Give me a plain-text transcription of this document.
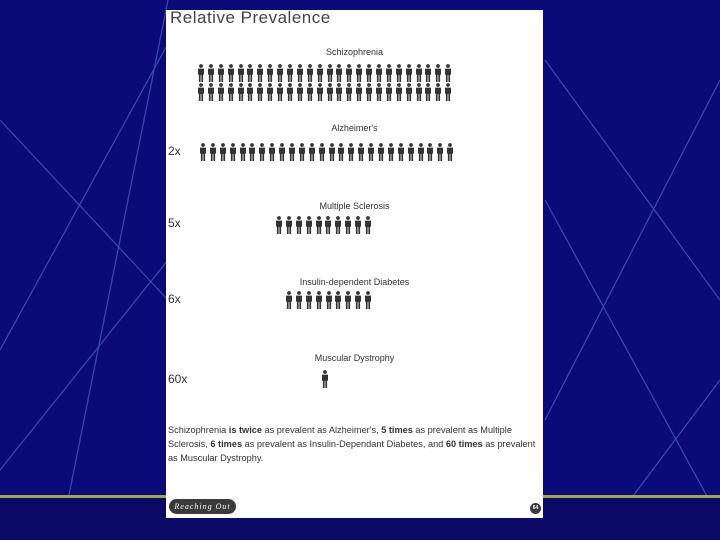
Relative Prevalence
Schizophrenia
Alzheimer's
2x
Multiple Sclerosis
5x
Insulin-dependent Diabetes
6x
Muscular Dystrophy
60x
Schizophrenia is twice as prevalent as Alzheimer's, 5 times as prevalent as Multiple Sclerosis, 6 times as prevalent as Insulin-Dependant Diabetes, and 60 times as prevalent as Muscular Dystrophy.
Reaching Out	64
